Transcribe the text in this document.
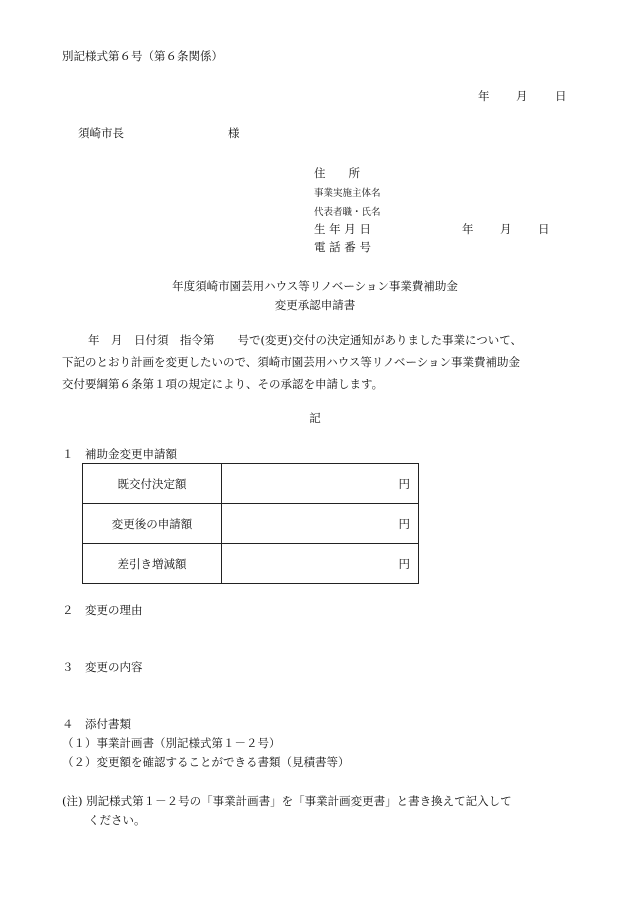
別記様式第６号（第６条関係）
年 月 日
須崎市長	様
住　　所
事業実施主体名
代表者職・氏名
生 年 月 日	年 月 日
電 話 番 号
年度須崎市園芸用ハウス等リノベーション事業費補助金
変更承認申請書
年　月　日付須　指令第　　号で(変更)交付の決定通知がありました事業について、
下記のとおり計画を変更したいので、須崎市園芸用ハウス等リノベーション事業費補助金
交付要綱第６条第１項の規定により、その承認を申請します。
記
１　補助金変更申請額
既交付決定額	円
変更後の申請額	円
差引き増減額	円
２　変更の理由
３　変更の内容
４　添付書類
（１）事業計画書（別記様式第１－２号）
（２）変更額を確認することができる書類（見積書等）
(注) 別記様式第１－２号の「事業計画書」を「事業計画変更書」と書き換えて記入して
ください。
